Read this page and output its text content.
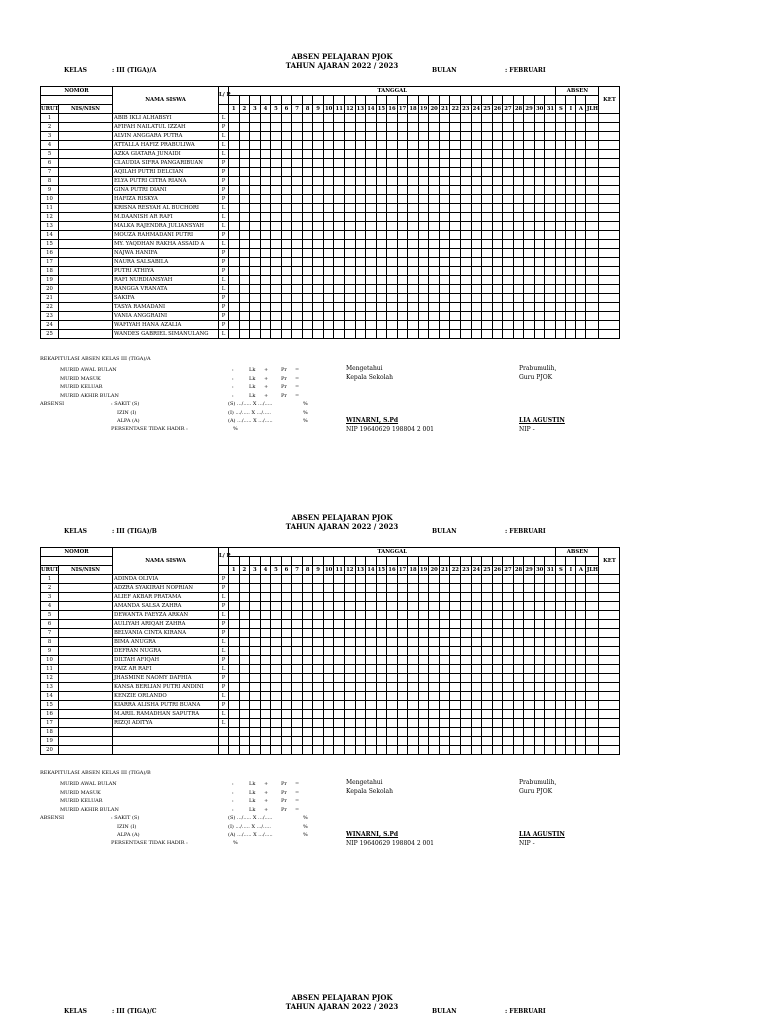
ABSEN PELAJARAN PJOK
TAHUN AJARAN 2022 / 2023
KELAS	: III (TIGA)/A	BULAN	: FEBRUARI
NOMOR		NAMA SISWA	L/ P	TANGGAL																															ABSEN				KET

URUT	NIS/NISN			1	2	3	4	5	6	7	8	9	10	11	12	13	14	15	16	17	18	19	20	21	22	23	24	25	26	27	28	29	30	31	S	I	A	JLH	
1		ABIB IKLI ALHABSYI	L																																				
2		AFIFAH NAILATUL IZZAH	P																																				
3		ALVIN ANGGARA PUTRA	L																																				
4		ATTALLA HAFIZ PRABULIWA	L																																				
5		AZKA GIATARA JUNAIDI	L																																				
6		CLAUDIA SIFRA PANGARIBUAN	P																																				
7		AQILAH PUTRI DELCIAN	P																																				
8		ELYA PUTRI CITRA RIANA	P																																				
9		GINA PUTRI DIANI	P																																				
10		HAFIZA RISKYA	P																																				
11		KRISNA RESYAH AL BUCHORI	L																																				
12		M.DAANISH AR RAFI	L																																				
13		MALKA RAJENDRA JULIANSYAH	L																																				
14		MOUZA RAHMADANI PUTRI	P																																				
15		MY. YAQDHAN RAKHA ASSAID A	L																																				
16		NAJWA HANIFA	P																																				
17		NAURA SALSABILA	P																																				
18		PUTRI ATHIYA	P																																				
19		RAFI NURDIANSYAH	L																																				
20		RANGGA VRANATA	L																																				
21		SAKIFA	P																																				
22		TASYA RAMADANI	P																																				
23		VANIA ANGGRAINI	P																																				
24		WAFIYAH HANA AZALIA	P																																				
25		WANDES GABRIEL SIMANULANG	L																																				
REKAPITULASI ABSEN KELAS III (TIGA)/A
MURID AWAL BULAN	:	Lk +	Pr =
MURID MASUK	:	Lk +	Pr =
MURID KELUAR	:	Lk +	Pr =
MURID AKHIR BULAN	:	Lk +	Pr =
ABSENSI	: SAKIT (S)	(S) .../..... X .../.....	%
IZIN (I)	(I) .../..... X .../.....	%
ALPA (A)	(A) .../..... X .../.....	%
PERSENTASE TIDAK HADIR :	%
Mengetahui
Kepala Sekolah
WINARNI, S.Pd
NIP 19640629 198804 2 001
Prabumulih,
Guru PJOK
LIA AGUSTIN
NIP -
ABSEN PELAJARAN PJOK
TAHUN AJARAN 2022 / 2023
KELAS	: III (TIGA)/B	BULAN	: FEBRUARI
NOMOR		NAMA SISWA	L/ P	TANGGAL																															ABSEN				KET

URUT	NIS/NISN			1	2	3	4	5	6	7	8	9	10	11	12	13	14	15	16	17	18	19	20	21	22	23	24	25	26	27	28	29	30	31	S	I	A	JLH	
1		ADINDA OLIVIA	P																																				
2		ADZRA SYAKIRAH NOPRIAN	P																																				
3		ALIEF AKBAR PRATAMA	L																																				
4		AMANDA SALSA ZAHRA	P																																				
5		DEWANTA FAEYZA ARKAN	L																																				
6		AULIYAH ARIQAH ZAHRA	P																																				
7		BELVANIA CINTA KIRANA	P																																				
8		BIMA ANUGRA	L																																				
9		DEFRAN NUGRA	L																																				
10		DILTAH AFIQAH	P																																				
11		FAIZ AR RAFI	L																																				
12		JHASMINE NAOMY DAFHIA	P																																				
13		KANSA BERLIAN PUTRI ANDINI	P																																				
14		KENZIE ORLANDO	L																																				
15		KIARRA ALISHA PUTRI BUANA	P																																				
16		M.ARIL RAMADHAN SAPUTRA	L																																				
17		RIZQI ADITYA	L																																				
18																																							
19																																							
20																																							
REKAPITULASI ABSEN KELAS III (TIGA)/B
MURID AWAL BULAN	:	Lk +	Pr =
MURID MASUK	:	Lk +	Pr =
MURID KELUAR	:	Lk +	Pr =
MURID AKHIR BULAN	:	Lk +	Pr =
ABSENSI	: SAKIT (S)	(S) .../..... X .../.....	%
IZIN (I)	(I) .../..... X .../.....	%
ALPA (A)	(A) .../..... X .../.....	%
PERSENTASE TIDAK HADIR :	%
Mengetahui
Kepala Sekolah
WINARNI, S.Pd
NIP 19640629 198804 2 001
Prabumulih,
Guru PJOK
LIA AGUSTIN
NIP -
ABSEN PELAJARAN PJOK
TAHUN AJARAN 2022 / 2023
KELAS	: III (TIGA)/C	BULAN	: FEBRUARI
